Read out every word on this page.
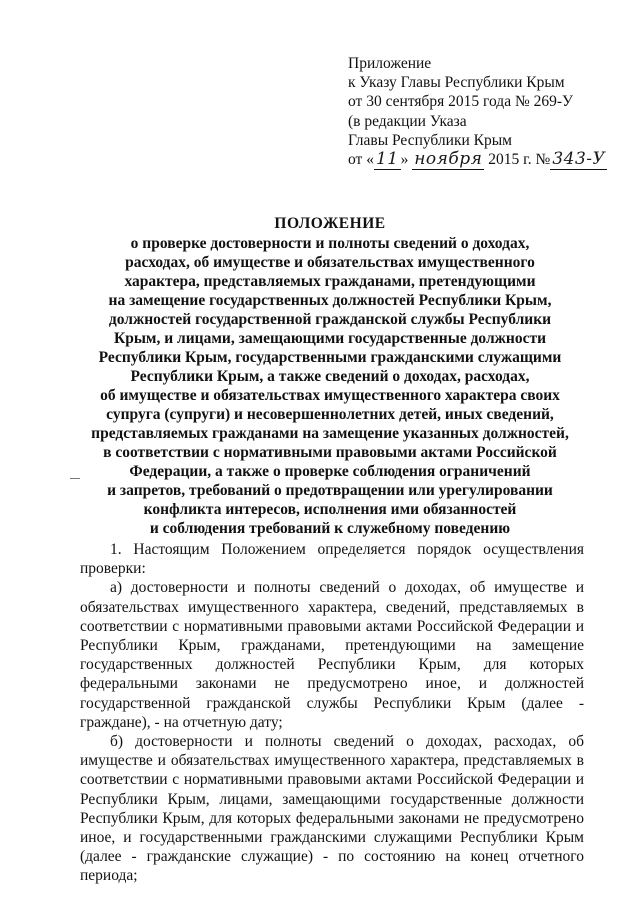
Приложение
к Указу Главы Республики Крым
от 30 сентября 2015 года № 269-У
(в редакции Указа
Главы Республики Крым
от « 11 » ноября 2015 г. № 343-У
ПОЛОЖЕНИЕ
о проверке достоверности и полноты сведений о доходах,
расходах, об имуществе и обязательствах имущественного
характера, представляемых гражданами, претендующими
на замещение государственных должностей Республики Крым,
должностей государственной гражданской службы Республики
Крым, и лицами, замещающими государственные должности
Республики Крым, государственными гражданскими служащими
Республики Крым, а также сведений о доходах, расходах,
об имуществе и обязательствах имущественного характера своих
супруга (супруги) и несовершеннолетних детей, иных сведений,
представляемых гражданами на замещение указанных должностей,
в соответствии с нормативными правовыми актами Российской
Федерации, а также о проверке соблюдения ограничений
и запретов, требований о предотвращении или урегулировании
конфликта интересов, исполнения ими обязанностей
и соблюдения требований к служебному поведению

1. Настоящим Положением определяется порядок осуществления проверки:

а) достоверности и полноты сведений о доходах, об имуществе и обязательствах имущественного характера, сведений, представляемых в соответствии с нормативными правовыми актами Российской Федерации и Республики Крым, гражданами, претендующими на замещение государственных должностей Республики Крым, для которых федеральными законами не предусмотрено иное, и должностей государственной гражданской службы Республики Крым (далее - граждане), - на отчетную дату;

б) достоверности и полноты сведений о доходах, расходах, об имуществе и обязательствах имущественного характера, представляемых в соответствии с нормативными правовыми актами Российской Федерации и Республики Крым, лицами, замещающими государственные должности Республики Крым, для которых федеральными законами не предусмотрено иное, и государственными гражданскими служащими Республики Крым (далее - гражданские служащие) - по состоянию на конец отчетного периода;
